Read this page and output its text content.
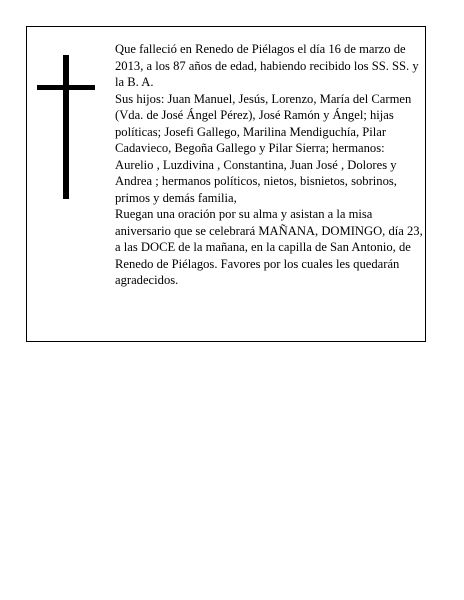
Que falleció en Renedo de Piélagos el día 16 de marzo de 2013, a los 87 años de edad, habiendo recibido los SS. SS. y la B. A.

Sus hijos: Juan Manuel, Jesús, Lorenzo, María del Carmen (Vda. de José Ángel Pérez), José Ramón y Ángel; hijas políticas; Josefi Gallego, Marilina Mendiguchía, Pilar Cadavieco, Begoña Gallego y Pilar Sierra; hermanos: Aurelio , Luzdivina , Constantina, Juan José , Dolores y Andrea ; hermanos políticos, nietos, bisnietos, sobrinos, primos y demás familia,

Ruegan una oración por su alma y asistan a la misa aniversario que se celebrará MAÑANA, DOMINGO, día 23, a las DOCE de la mañana, en la capilla de San Antonio, de Renedo de Piélagos. Favores por los cuales les quedarán agradecidos.
